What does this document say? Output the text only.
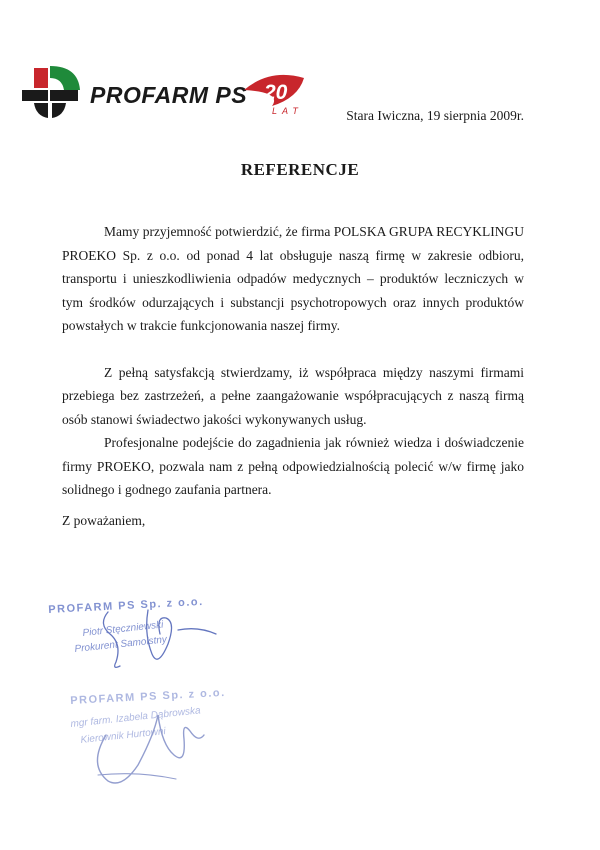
PROFARM PS 20
LAT	Stara Iwiczna, 19 sierpnia 2009r.
REFERENCJE

Mamy przyjemność potwierdzić, że firma POLSKA GRUPA RECYKLINGU PROEKO Sp. z o.o. od ponad 4 lat obsługuje naszą firmę w zakresie odbioru, transportu i unieszkodliwienia odpadów medycznych – produktów leczniczych w tym środków odurzających i substancji psychotropowych oraz innych produktów powstałych w trakcie funkcjonowania naszej firmy.

Z pełną satysfakcją stwierdzamy, iż współpraca między naszymi firmami przebiega bez zastrzeżeń, a pełne zaangażowanie współpracujących z naszą firmą osób stanowi świadectwo jakości wykonywanych usług.

Profesjonalne podejście do zagadnienia jak również wiedza i doświadczenie firmy PROEKO, pozwala nam z pełną odpowiedzialnością polecić w/w firmę jako solidnego i godnego zaufania partnera.

Z poważaniem,
PROFARM PS Sp. z o.o.
Piotr Stęczniewski
Prokurent Samoistny
PROFARM PS Sp. z o.o.
mgr farm. Izabela Dąbrowska
Kierownik Hurtowni
